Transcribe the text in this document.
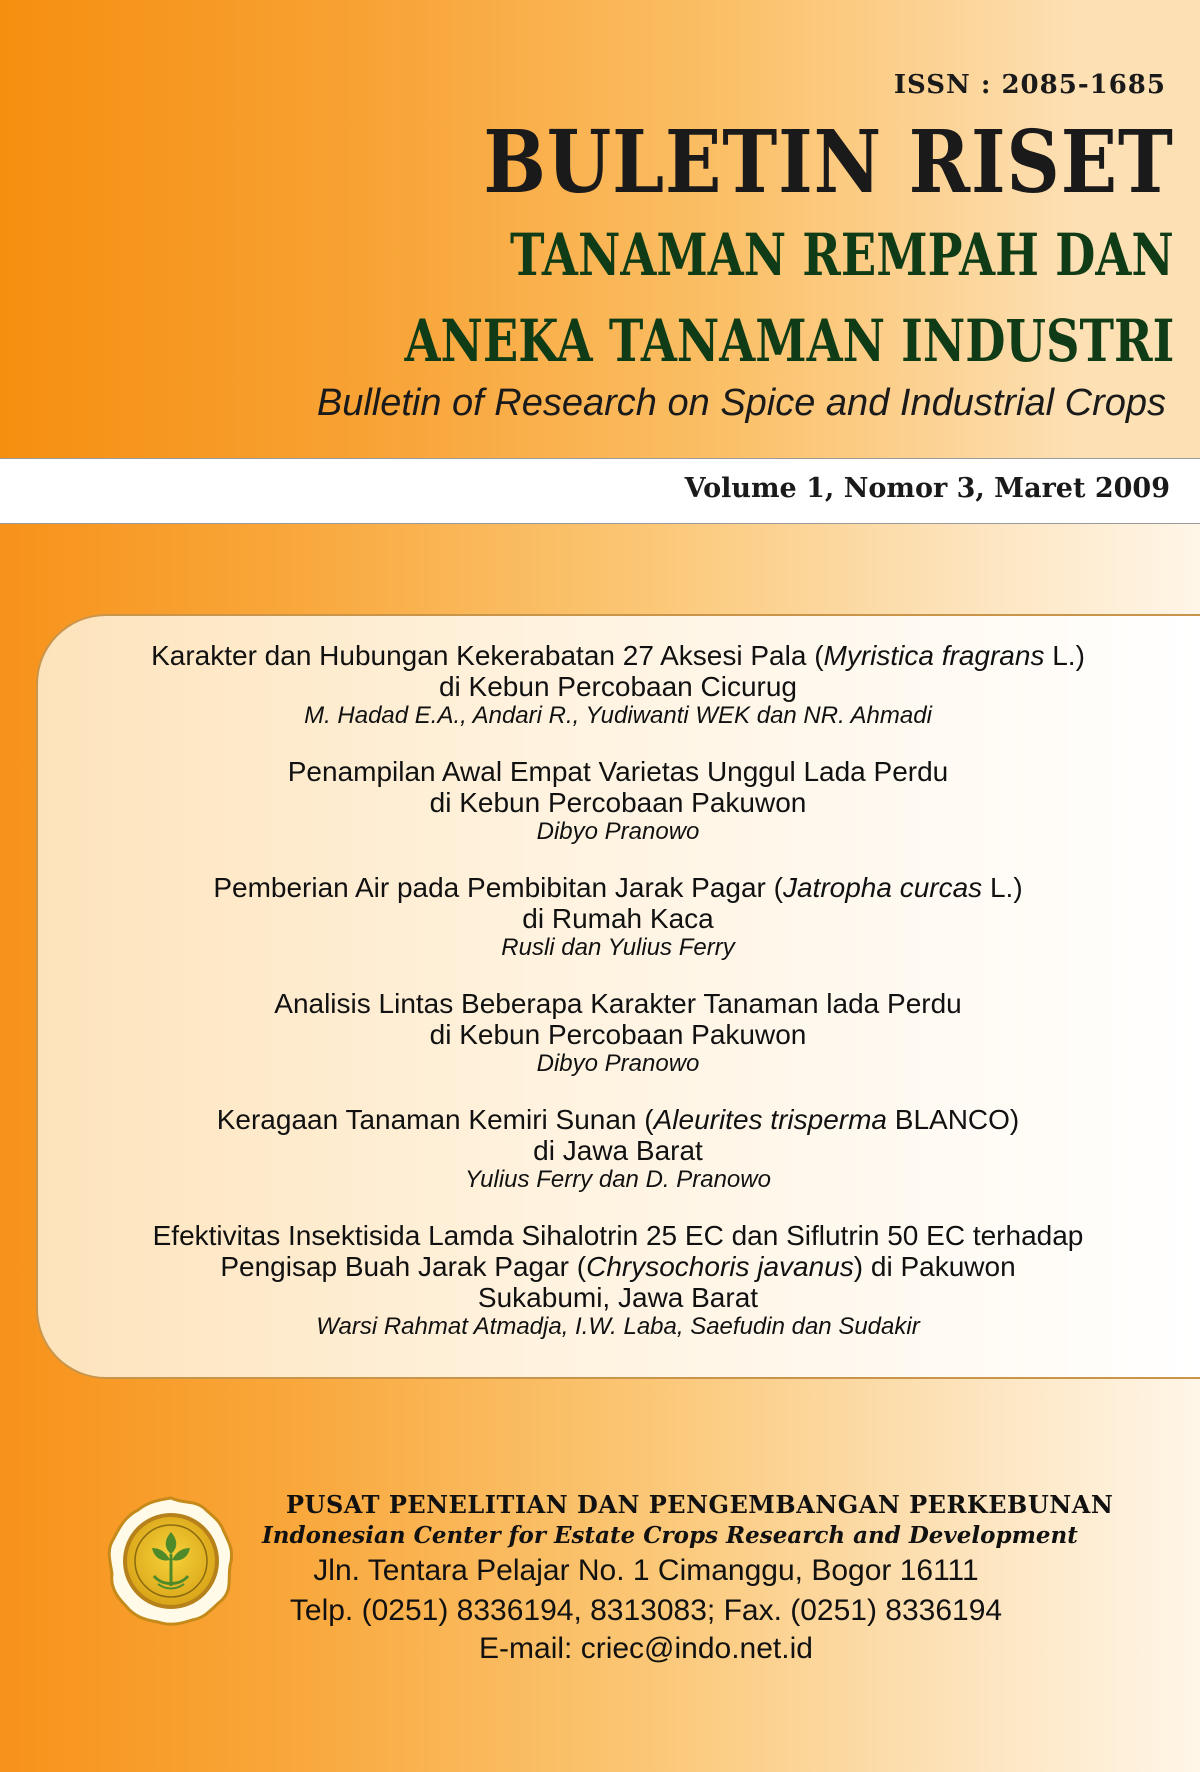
ISSN : 2085-1685
BULETIN RISET
TANAMAN REMPAH DAN
ANEKA TANAMAN INDUSTRI
Bulletin of Research on Spice and Industrial Crops
Volume 1, Nomor 3, Maret 2009
Karakter dan Hubungan Kekerabatan 27 Aksesi Pala (Myristica fragrans L.)
di Kebun Percobaan Cicurug
M. Hadad E.A., Andari R., Yudiwanti WEK dan NR. Ahmadi
Penampilan Awal Empat Varietas Unggul Lada Perdu
di Kebun Percobaan Pakuwon
Dibyo Pranowo
Pemberian Air pada Pembibitan Jarak Pagar (Jatropha curcas L.)
di Rumah Kaca
Rusli dan Yulius Ferry
Analisis Lintas Beberapa Karakter Tanaman lada Perdu
di Kebun Percobaan Pakuwon
Dibyo Pranowo
Keragaan Tanaman Kemiri Sunan (Aleurites trisperma BLANCO)
di Jawa Barat
Yulius Ferry dan D. Pranowo
Efektivitas Insektisida Lamda Sihalotrin 25 EC dan Siflutrin 50 EC terhadap
Pengisap Buah Jarak Pagar (Chrysochoris javanus) di Pakuwon
Sukabumi, Jawa Barat
Warsi Rahmat Atmadja, I.W. Laba, Saefudin dan Sudakir
PUSAT PENELITIAN DAN PENGEMBANGAN PERKEBUNAN
Indonesian Center for Estate Crops Research and Development
Jln. Tentara Pelajar No. 1 Cimanggu, Bogor 16111
Telp. (0251) 8336194, 8313083; Fax. (0251) 8336194
E-mail: criec@indo.net.id
